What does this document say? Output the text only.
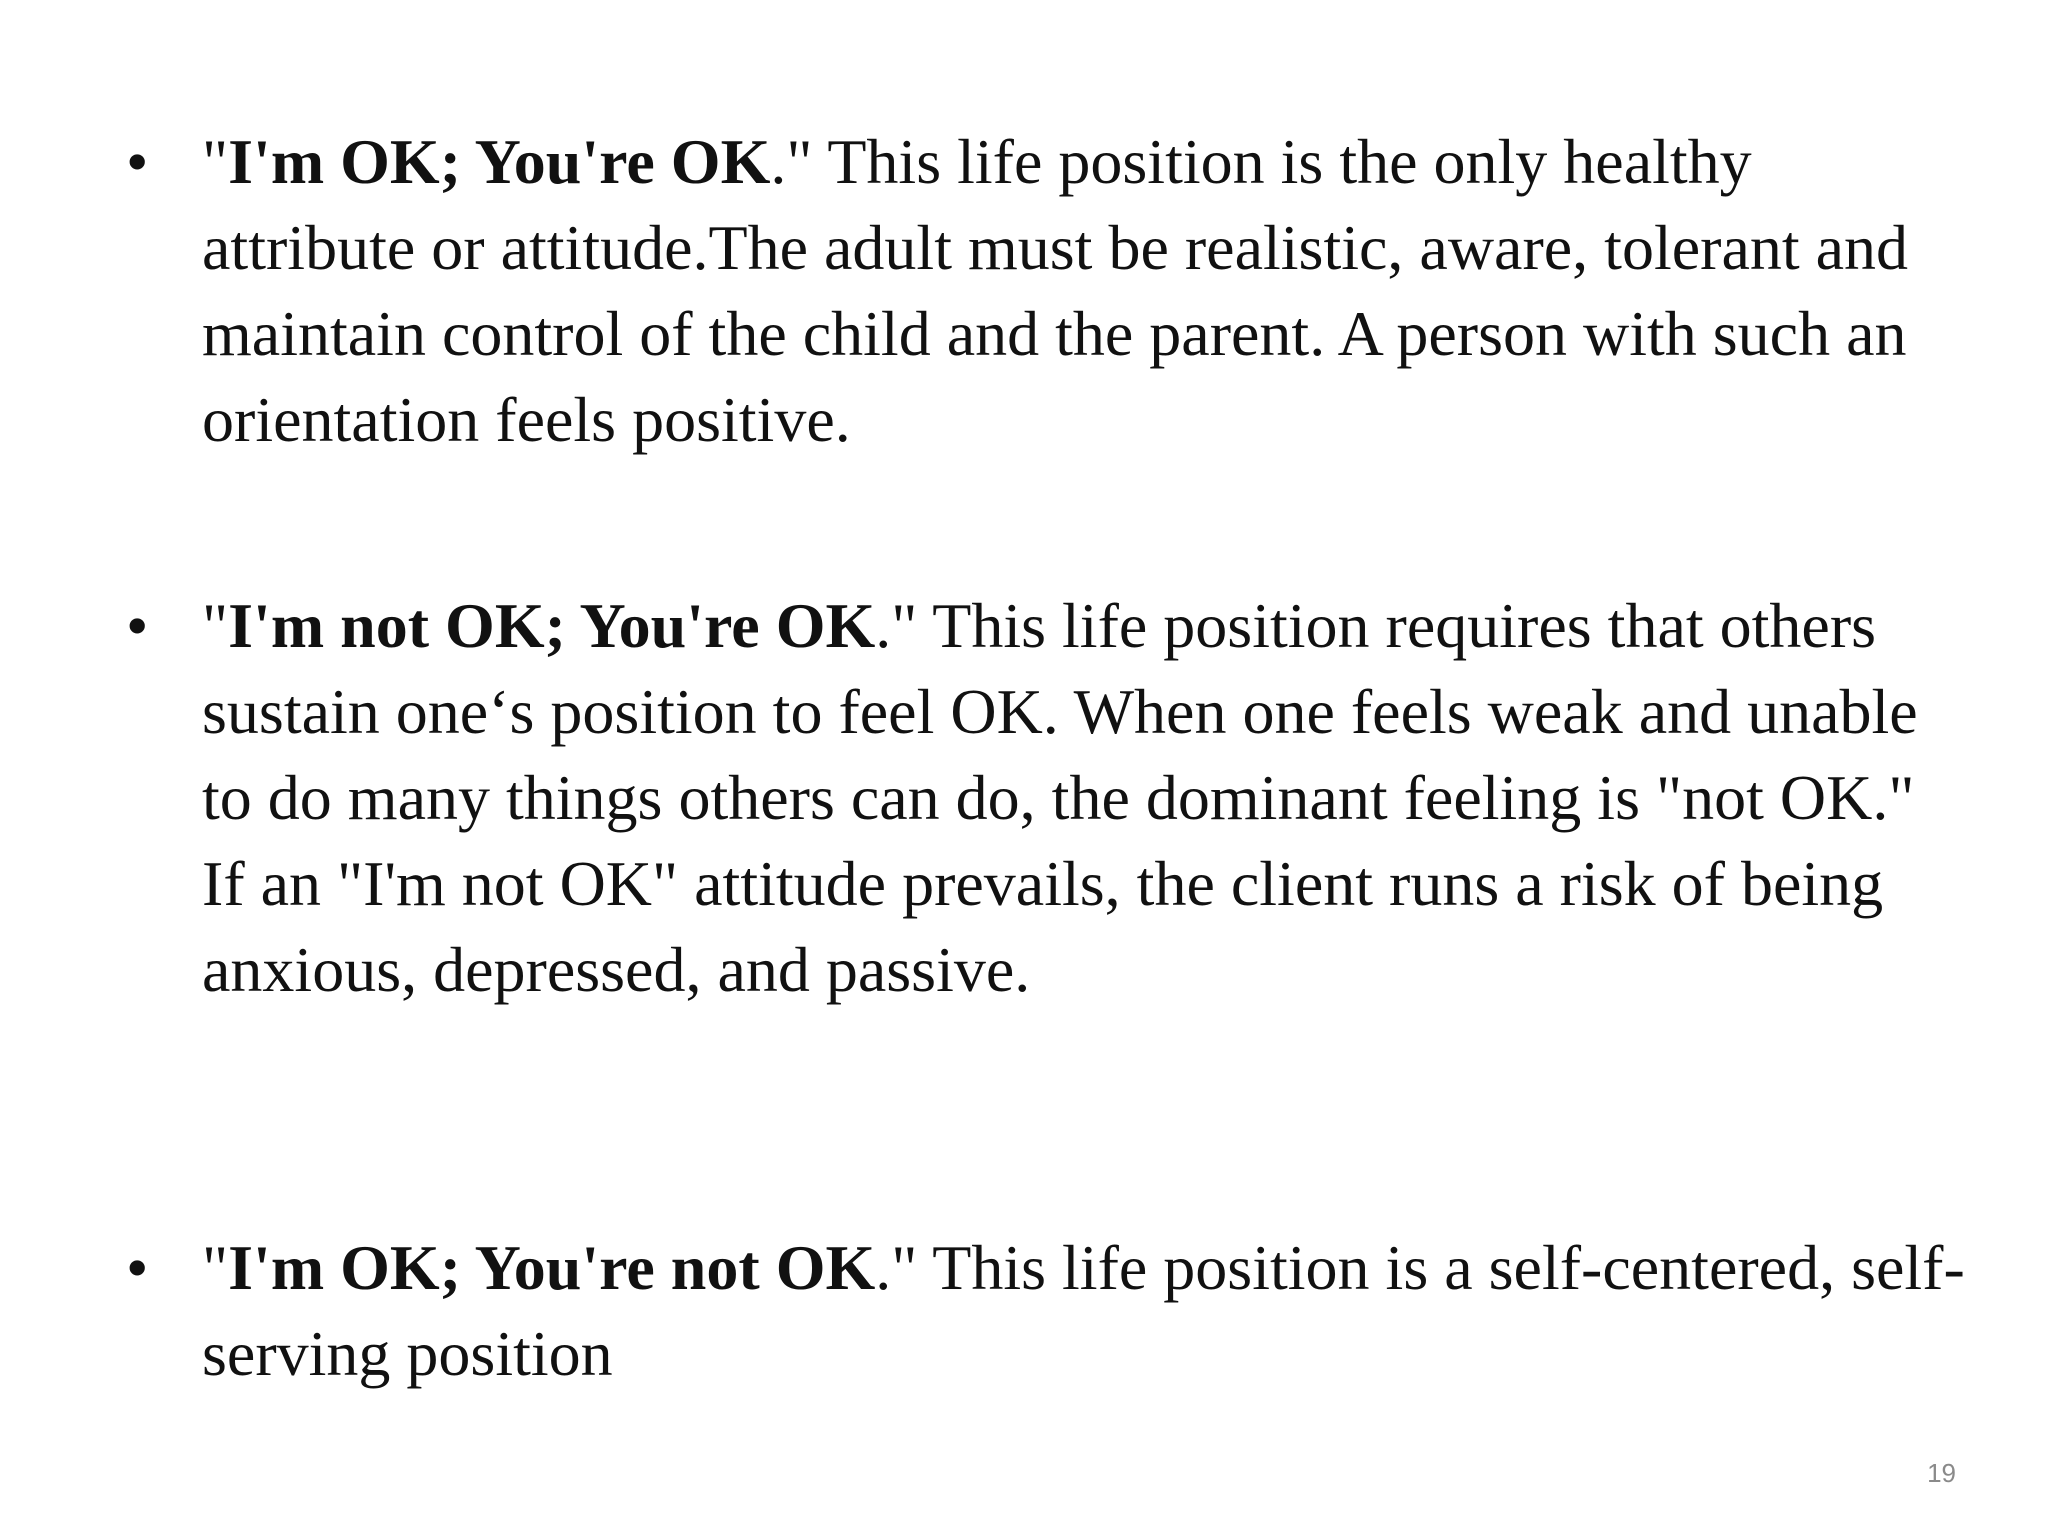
• "I'm OK; You're OK." This life position is the only healthy attribute or attitude.The adult must be realistic, aware, tolerant and maintain control of the child and the parent. A person with such an orientation feels positive.
• "I'm not OK; You're OK." This life position requires that others sustain one‘s position to feel OK. When one feels weak and unable to do many things others can do, the dominant feeling is "not OK." If an "I'm not OK" attitude prevails, the client runs a risk of being anxious, depressed, and passive.
• "I'm OK; You're not OK." This life position is a self-centered, self-serving position
19
